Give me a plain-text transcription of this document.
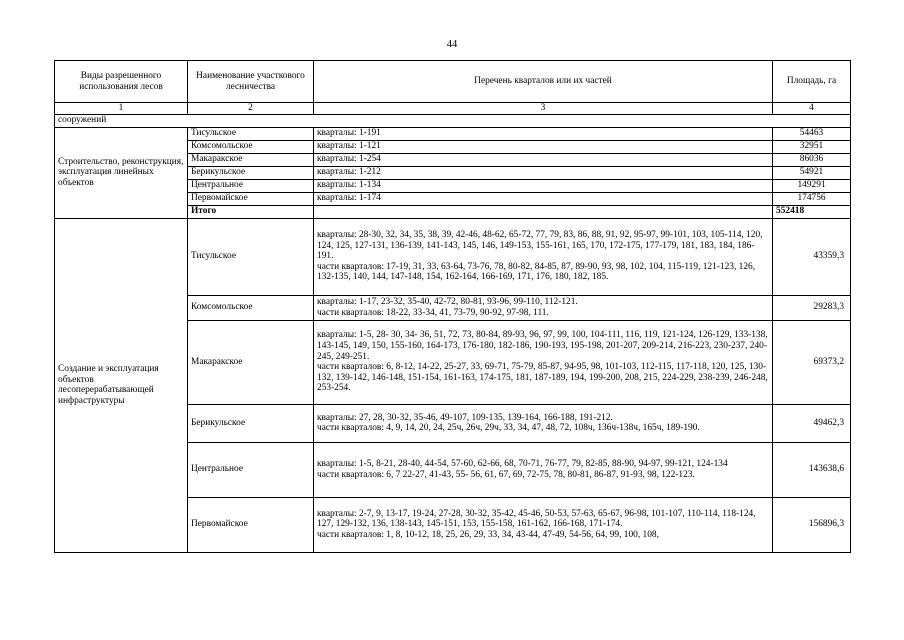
44
Виды разрешенного использования лесов	Наименование участкового лесничества	Перечень кварталов или их частей	Площадь, га
1	2	3	4
сооружений			
Строительство, реконструкция, эксплуатация линейных объектов	Тисульское	кварталы: 1-191	54463
	Комсомольское	кварталы: 1-121	32951
	Макаракское	кварталы: 1-254	86036
	Берикульское	кварталы: 1-212	54921
	Центральное	кварталы: 1-134	149291
	Первомайское	кварталы: 1-174	174756
	Итого		552418
Создание и эксплуатация объектов лесоперерабатывающей инфраструктуры	Тисульское	кварталы: 28-30, 32, 34, 35, 38, 39, 42-46, 48-62, 65-72, 77, 79, 83, 86, 88, 91, 92, 95-97, 99-101, 103, 105-114, 120, 124, 125, 127-131, 136-139, 141-143, 145, 146, 149-153, 155-161, 165, 170, 172-175, 177-179, 181, 183, 184, 186-191.
части кварталов: 17-19, 31, 33, 63-64, 73-76, 78, 80-82, 84-85, 87, 89-90, 93, 98, 102, 104, 115-119, 121-123, 126, 132-135, 140, 144, 147-148, 154, 162-164, 166-169, 171, 176, 180, 182, 185.	43359,3
	Комсомольское	кварталы: 1-17, 23-32, 35-40, 42-72, 80-81, 93-96, 99-110, 112-121.
части кварталов: 18-22, 33-34, 41, 73-79, 90-92, 97-98, 111.	29283,3
	Макаракское	кварталы: 1-5, 28- 30, 34- 36, 51, 72, 73, 80-84, 89-93, 96, 97, 99, 100, 104-111, 116, 119, 121-124, 126-129, 133-138, 143-145, 149, 150, 155-160, 164-173, 176-180, 182-186, 190-193, 195-198, 201-207, 209-214, 216-223, 230-237, 240-245, 249-251.
части кварталов: 6, 8-12, 14-22, 25-27, 33, 69-71, 75-79, 85-87, 94-95, 98, 101-103, 112-115, 117-118, 120, 125, 130-132, 139-142, 146-148, 151-154, 161-163, 174-175, 181, 187-189, 194, 199-200, 208, 215, 224-229, 238-239, 246-248, 253-254.	69373,2
	Берикульское	кварталы: 27, 28, 30-32, 35-46, 49-107, 109-135, 139-164, 166-188, 191-212.
части кварталов: 4, 9, 14, 20, 24, 25ч, 26ч, 29ч, 33, 34, 47, 48, 72, 108ч, 136ч-138ч, 165ч, 189-190.	49462,3
	Центральное	кварталы: 1-5, 8-21, 28-40, 44-54, 57-60, 62-66, 68, 70-71, 76-77, 79, 82-85, 88-90, 94-97, 99-121, 124-134
части кварталов: 6, 7 22-27, 41-43, 55- 56, 61, 67, 69, 72-75, 78, 80-81, 86-87, 91-93, 98, 122-123.	143638,6
	Первомайское	кварталы: 2-7, 9, 13-17, 19-24, 27-28, 30-32, 35-42, 45-46, 50-53, 57-63, 65-67, 96-98, 101-107, 110-114, 118-124, 127, 129-132, 136, 138-143, 145-151, 153, 155-158, 161-162, 166-168, 171-174.
части кварталов: 1, 8, 10-12, 18, 25, 26, 29, 33, 34, 43-44, 47-49, 54-56, 64, 99, 100, 108,	156896,3
